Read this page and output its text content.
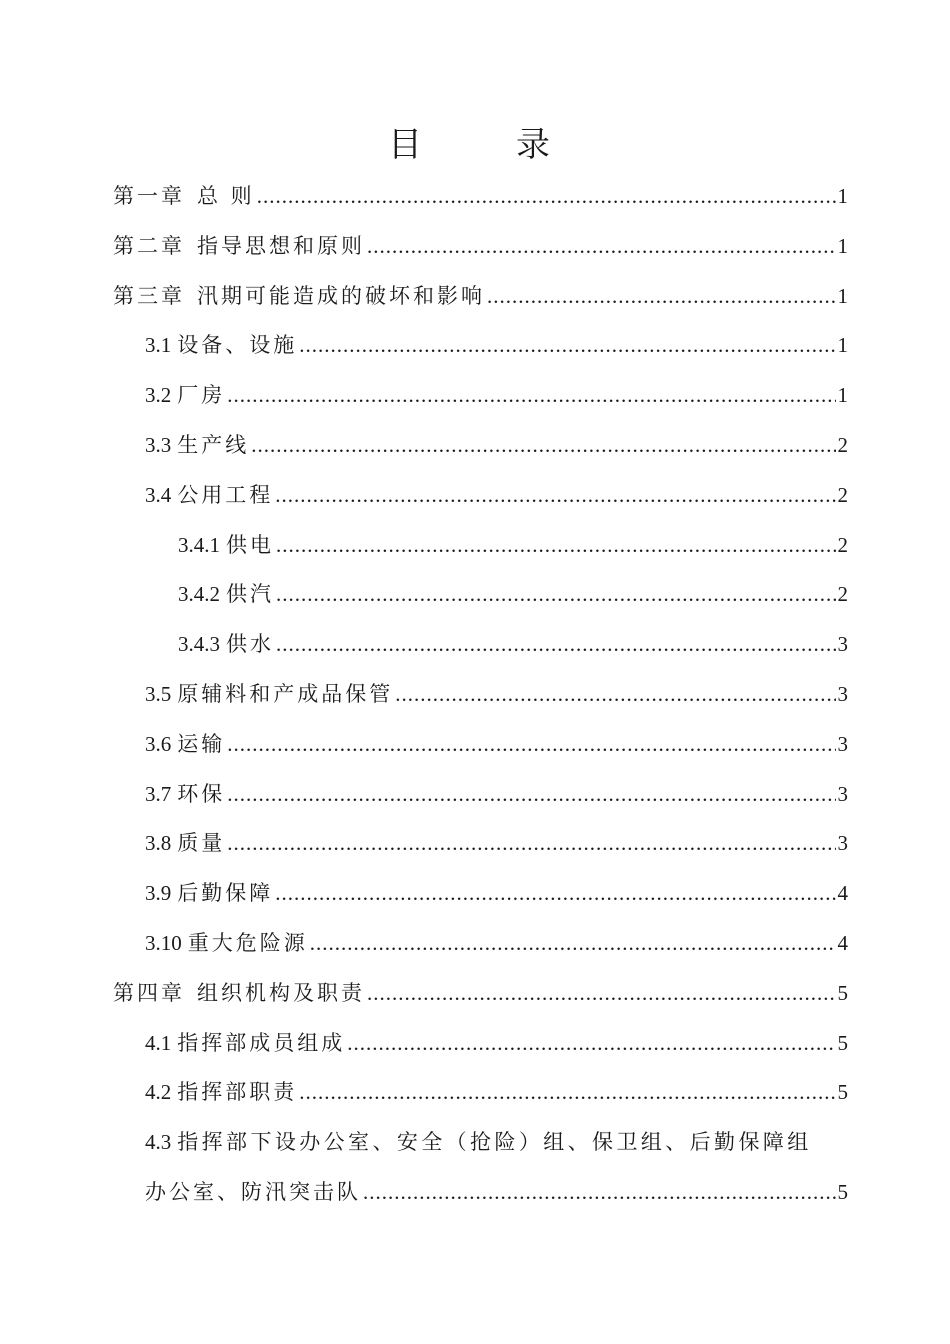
目　录
第一章 总 则 .....	1
第二章 指导思想和原则 .....	1
第三章 汛期可能造成的破坏和影响 .....	1
3.1 设备、设施 .....	1
3.2 厂房 .....	1
3.3 生产线 .....	2
3.4 公用工程 .....	2
3.4.1 供电 .....	2
3.4.2 供汽 .....	2
3.4.3 供水 .....	3
3.5 原辅料和产成品保管 .....	3
3.6 运输 .....	3
3.7 环保 .....	3
3.8 质量 .....	3
3.9 后勤保障 .....	4
3.10 重大危险源 .....	4
第四章 组织机构及职责 .....	5
4.1 指挥部成员组成 .....	5
4.2 指挥部职责 .....	5
4.3 指挥部下设办公室、安全（抢险）组、保卫组、后勤保障组
办公室、防汛突击队 .....	5
